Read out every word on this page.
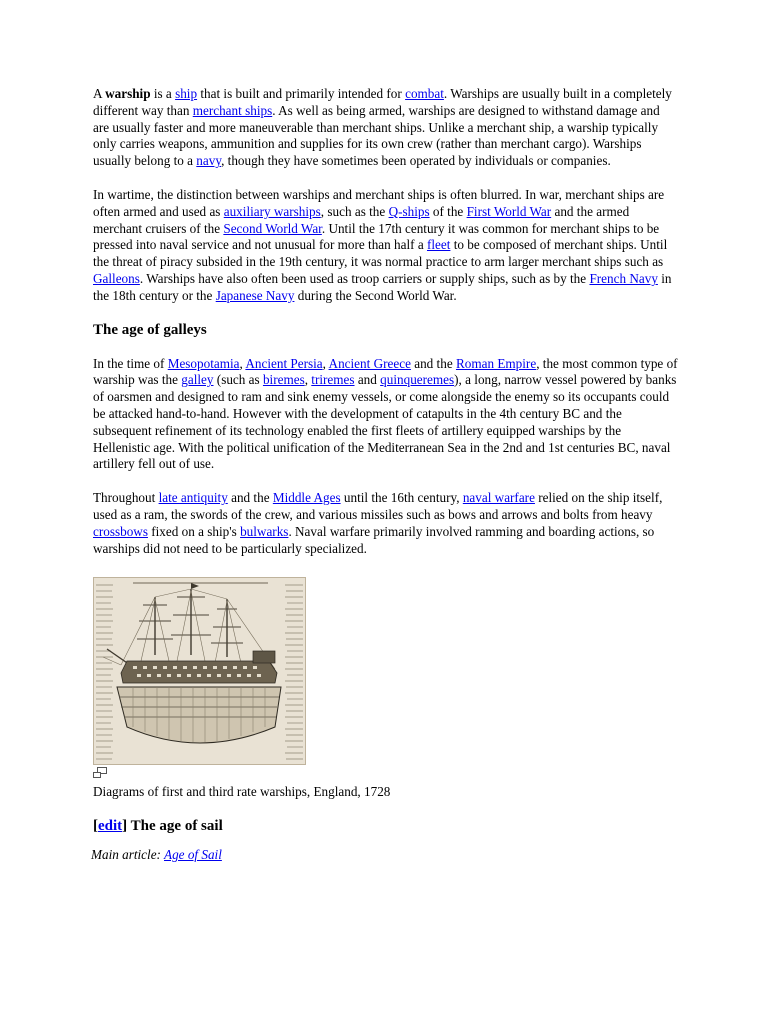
A warship is a ship that is built and primarily intended for combat. Warships are usually built in a completely different way than merchant ships. As well as being armed, warships are designed to withstand damage and are usually faster and more maneuverable than merchant ships. Unlike a merchant ship, a warship typically only carries weapons, ammunition and supplies for its own crew (rather than merchant cargo). Warships usually belong to a navy, though they have sometimes been operated by individuals or companies.

In wartime, the distinction between warships and merchant ships is often blurred. In war, merchant ships are often armed and used as auxiliary warships, such as the Q-ships of the First World War and the armed merchant cruisers of the Second World War. Until the 17th century it was common for merchant ships to be pressed into naval service and not unusual for more than half a fleet to be composed of merchant ships. Until the threat of piracy subsided in the 19th century, it was normal practice to arm larger merchant ships such as Galleons. Warships have also often been used as troop carriers or supply ships, such as by the French Navy in the 18th century or the Japanese Navy during the Second World War.

The age of galleys

In the time of Mesopotamia, Ancient Persia, Ancient Greece and the Roman Empire, the most common type of warship was the galley (such as biremes, triremes and quinqueremes), a long, narrow vessel powered by banks of oarsmen and designed to ram and sink enemy vessels, or come alongside the enemy so its occupants could be attacked hand-to-hand. However with the development of catapults in the 4th century BC and the subsequent refinement of its technology enabled the first fleets of artillery equipped warships by the Hellenistic age. With the political unification of the Mediterranean Sea in the 2nd and 1st centuries BC, naval artillery fell out of use.

Throughout late antiquity and the Middle Ages until the 16th century, naval warfare relied on the ship itself, used as a ram, the swords of the crew, and various missiles such as bows and arrows and bolts from heavy crossbows fixed on a ship's bulwarks. Naval warfare primarily involved ramming and boarding actions, so warships did not need to be particularly specialized.

Diagrams of first and third rate warships, England, 1728

[edit] The age of sail

Main article: Age of Sail
